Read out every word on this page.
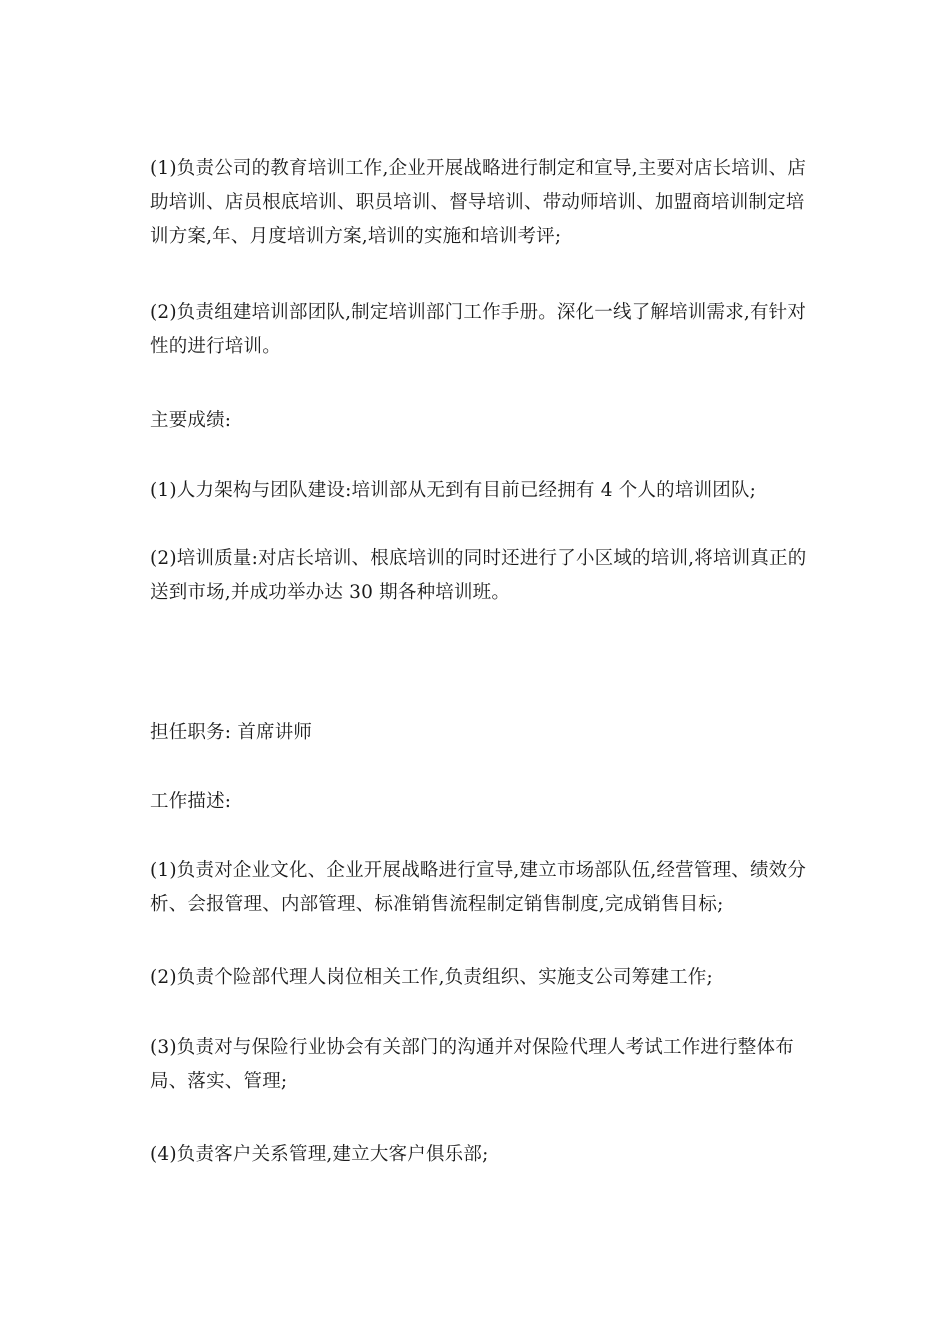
(1)负责公司的教育培训工作,企业开展战略进行制定和宣导,主要对店长培训、店助培训、店员根底培训、职员培训、督导培训、带动师培训、加盟商培训制定培训方案,年、月度培训方案,培训的实施和培训考评;

(2)负责组建培训部团队,制定培训部门工作手册。深化一线了解培训需求,有针对性的进行培训。

主要成绩:

(1)人力架构与团队建设:培训部从无到有目前已经拥有 4 个人的培训团队;

(2)培训质量:对店长培训、根底培训的同时还进行了小区域的培训,将培训真正的送到市场,并成功举办达 30 期各种培训班。

担任职务: 首席讲师

工作描述:

(1)负责对企业文化、企业开展战略进行宣导,建立市场部队伍,经营管理、绩效分析、会报管理、内部管理、标准销售流程制定销售制度,完成销售目标;

(2)负责个险部代理人岗位相关工作,负责组织、实施支公司筹建工作;

(3)负责对与保险行业协会有关部门的沟通并对保险代理人考试工作进行整体布局、落实、管理;

(4)负责客户关系管理,建立大客户俱乐部;
